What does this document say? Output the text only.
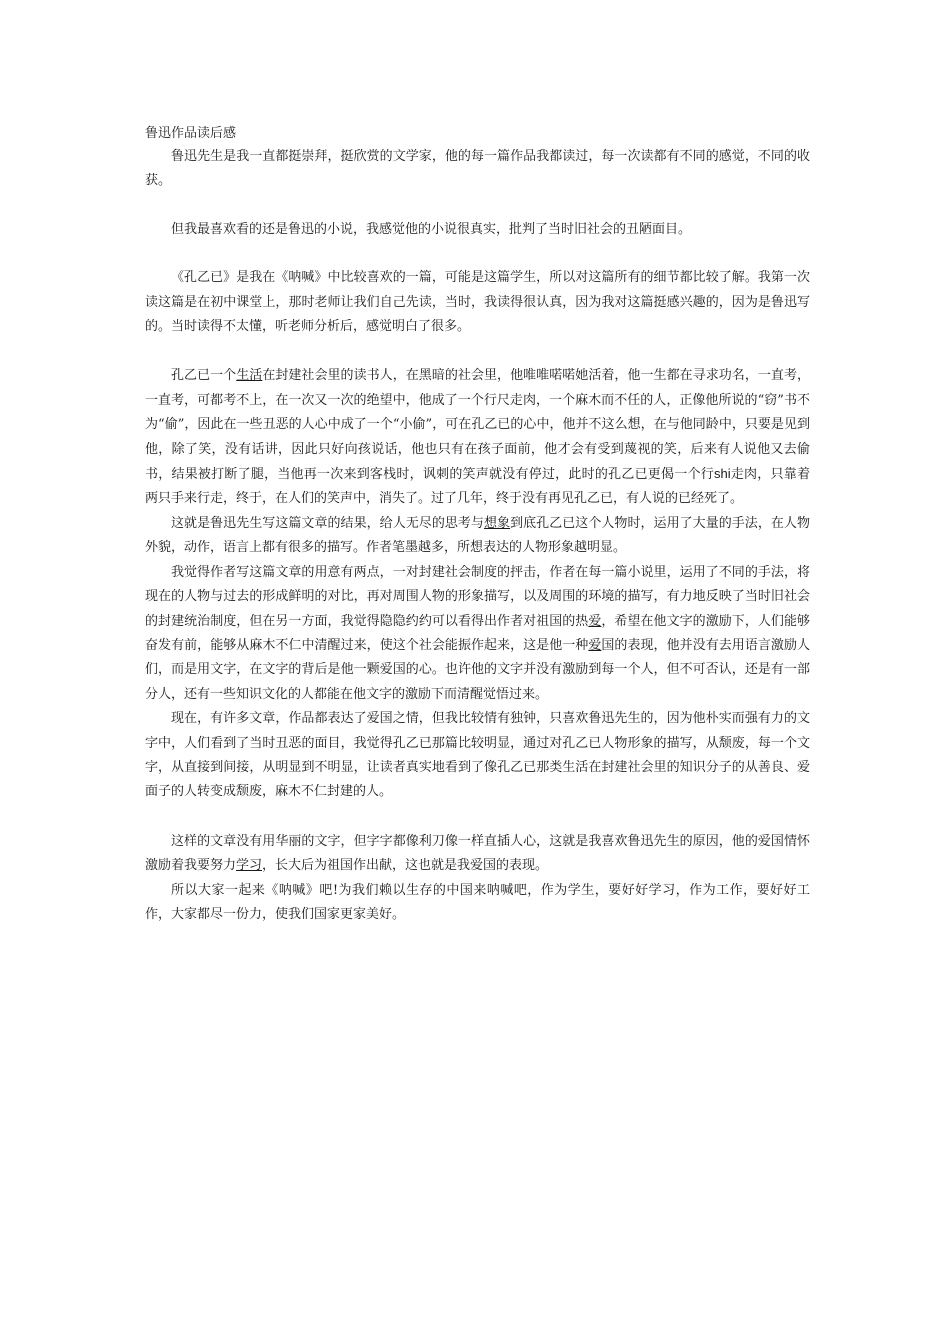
鲁迅作品读后感

鲁迅先生是我一直都挺崇拜，挺欣赏的文学家，他的每一篇作品我都读过，每一次读都有不同的感觉，不同的收获。

但我最喜欢看的还是鲁迅的小说，我感觉他的小说很真实，批判了当时旧社会的丑陋面目。

《孔乙已》是我在《呐喊》中比较喜欢的一篇，可能是这篇学生，所以对这篇所有的细节都比较了解。我第一次读这篇是在初中课堂上，那时老师让我们自己先读，当时，我读得很认真，因为我对这篇挺感兴趣的，因为是鲁迅写的。当时读得不太懂，听老师分析后，感觉明白了很多。

孔乙已一个生活在封建社会里的读书人，在黑暗的社会里，他唯唯喏喏她活着，他一生都在寻求功名，一直考，一直考，可都考不上，在一次又一次的绝望中，他成了一个行尺走肉，一个麻木而不任的人，正像他所说的“窃”书不为“偷”，因此在一些丑恶的人心中成了一个“小偷”，可在孔乙已的心中，他并不这么想，在与他同龄中，只要是见到他，除了笑，没有话讲，因此只好向孩说话，他也只有在孩子面前，他才会有受到蔑视的笑，后来有人说他又去偷书，结果被打断了腿，当他再一次来到客栈时，讽刺的笑声就没有停过，此时的孔乙已更偈一个行shi走肉，只靠着两只手来行走，终于，在人们的笑声中，消失了。过了几年，终于没有再见孔乙已，有人说的已经死了。

这就是鲁迅先生写这篇文章的结果，给人无尽的思考与想象到底孔乙已这个人物时，运用了大量的手法，在人物外貌，动作，语言上都有很多的描写。作者笔墨越多，所想表达的人物形象越明显。

我觉得作者写这篇文章的用意有两点，一对封建社会制度的抨击，作者在每一篇小说里，运用了不同的手法，将现在的人物与过去的形成鲜明的对比，再对周围人物的形象描写，以及周围的环境的描写，有力地反映了当时旧社会的封建统治制度，但在另一方面，我觉得隐隐约约可以看得出作者对祖国的热爱，希望在他文字的激励下，人们能够奋发有前，能够从麻木不仁中清醒过来，使这个社会能振作起来，这是他一种爱国的表现，他并没有去用语言激励人们，而是用文字，在文字的背后是他一颗爱国的心。也许他的文字并没有激励到每一个人，但不可否认，还是有一部分人，还有一些知识文化的人都能在他文字的激励下而清醒觉悟过来。

现在，有许多文章，作品都表达了爱国之情，但我比较情有独钟，只喜欢鲁迅先生的，因为他朴实而强有力的文字中，人们看到了当时丑恶的面目，我觉得孔乙已那篇比较明显，通过对孔乙已人物形象的描写，从颓废，每一个文字，从直接到间接，从明显到不明显，让读者真实地看到了像孔乙已那类生活在封建社会里的知识分子的从善良、爱面子的人转变成颓废，麻木不仁封建的人。

这样的文章没有用华丽的文字，但字字都像利刀像一样直插人心，这就是我喜欢鲁迅先生的原因，他的爱国情怀激励着我要努力学习，长大后为祖国作出献，这也就是我爱国的表现。

所以大家一起来《呐喊》吧!为我们赖以生存的中国来呐喊吧，作为学生，要好好学习，作为工作，要好好工作，大家都尽一份力，使我们国家更家美好。
